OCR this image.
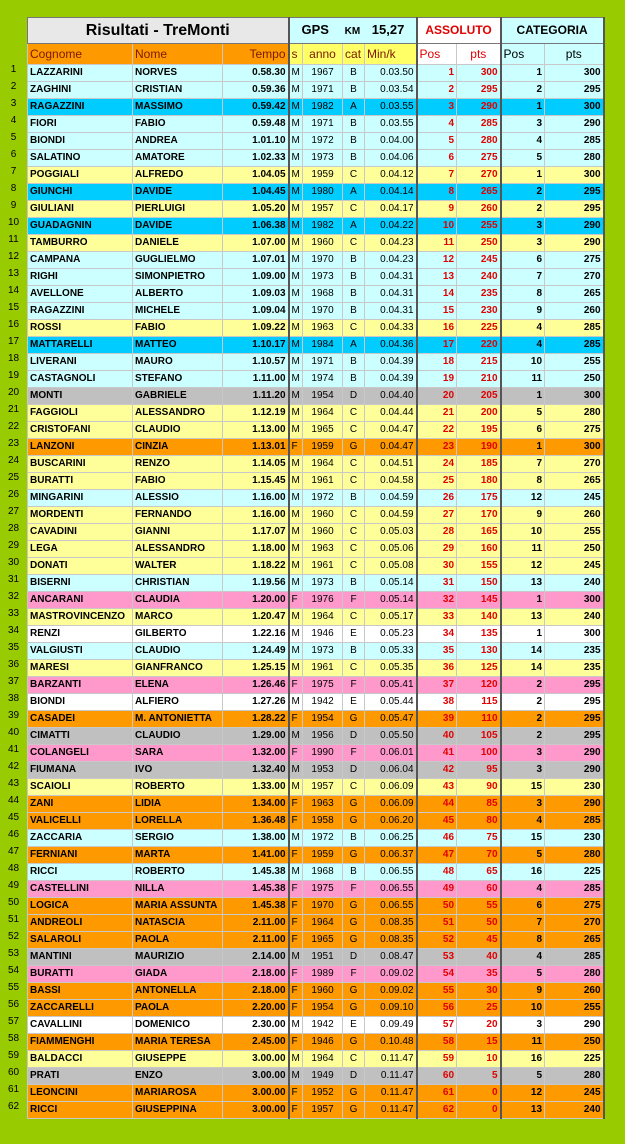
1
2
3
4
5
6
7
8
9
10
11
12
13
14
15
16
17
18
19
20
21
22
23
24
25
26
27
28
29
30
31
32
33
34
35
36
37
38
39
40
41
42
43
44
45
46
47
48
49
50
51
52
53
54
55
56
57
58
59
60
61
62
Risultati - TreMonti			GPS KM 15,27				ASSOLUTO		CATEGORIA	
Cognome	Nome	Tempo	s	anno	cat	Min/k	Pos	pts	Pos	pts
LAZZARINI	NORVES	0.58.30	M	1967	B	0.03.50	1	300	1	300
ZAGHINI	CRISTIAN	0.59.36	M	1971	B	0.03.54	2	295	2	295
RAGAZZINI	MASSIMO	0.59.42	M	1982	A	0.03.55	3	290	1	300
FIORI	FABIO	0.59.48	M	1971	B	0.03.55	4	285	3	290
BIONDI	ANDREA	1.01.10	M	1972	B	0.04.00	5	280	4	285
SALATINO	AMATORE	1.02.33	M	1973	B	0.04.06	6	275	5	280
POGGIALI	ALFREDO	1.04.05	M	1959	C	0.04.12	7	270	1	300
GIUNCHI	DAVIDE	1.04.45	M	1980	A	0.04.14	8	265	2	295
GIULIANI	PIERLUIGI	1.05.20	M	1957	C	0.04.17	9	260	2	295
GUADAGNIN	DAVIDE	1.06.38	M	1982	A	0.04.22	10	255	3	290
TAMBURRO	DANIELE	1.07.00	M	1960	C	0.04.23	11	250	3	290
CAMPANA	GUGLIELMO	1.07.01	M	1970	B	0.04.23	12	245	6	275
RIGHI	SIMONPIETRO	1.09.00	M	1973	B	0.04.31	13	240	7	270
AVELLONE	ALBERTO	1.09.03	M	1968	B	0.04.31	14	235	8	265
RAGAZZINI	MICHELE	1.09.04	M	1970	B	0.04.31	15	230	9	260
ROSSI	FABIO	1.09.22	M	1963	C	0.04.33	16	225	4	285
MATTARELLI	MATTEO	1.10.17	M	1984	A	0.04.36	17	220	4	285
LIVERANI	MAURO	1.10.57	M	1971	B	0.04.39	18	215	10	255
CASTAGNOLI	STEFANO	1.11.00	M	1974	B	0.04.39	19	210	11	250
MONTI	GABRIELE	1.11.20	M	1954	D	0.04.40	20	205	1	300
FAGGIOLI	ALESSANDRO	1.12.19	M	1964	C	0.04.44	21	200	5	280
CRISTOFANI	CLAUDIO	1.13.00	M	1965	C	0.04.47	22	195	6	275
LANZONI	CINZIA	1.13.01	F	1959	G	0.04.47	23	190	1	300
BUSCARINI	RENZO	1.14.05	M	1964	C	0.04.51	24	185	7	270
BURATTI	FABIO	1.15.45	M	1961	C	0.04.58	25	180	8	265
MINGARINI	ALESSIO	1.16.00	M	1972	B	0.04.59	26	175	12	245
MORDENTI	FERNANDO	1.16.00	M	1960	C	0.04.59	27	170	9	260
CAVADINI	GIANNI	1.17.07	M	1960	C	0.05.03	28	165	10	255
LEGA	ALESSANDRO	1.18.00	M	1963	C	0.05.06	29	160	11	250
DONATI	WALTER	1.18.22	M	1961	C	0.05.08	30	155	12	245
BISERNI	CHRISTIAN	1.19.56	M	1973	B	0.05.14	31	150	13	240
ANCARANI	CLAUDIA	1.20.00	F	1976	F	0.05.14	32	145	1	300
MASTROVINCENZO	MARCO	1.20.47	M	1964	C	0.05.17	33	140	13	240
RENZI	GILBERTO	1.22.16	M	1946	E	0.05.23	34	135	1	300
VALGIUSTI	CLAUDIO	1.24.49	M	1973	B	0.05.33	35	130	14	235
MARESI	GIANFRANCO	1.25.15	M	1961	C	0.05.35	36	125	14	235
BARZANTI	ELENA	1.26.46	F	1975	F	0.05.41	37	120	2	295
BIONDI	ALFIERO	1.27.26	M	1942	E	0.05.44	38	115	2	295
CASADEI	M. ANTONIETTA	1.28.22	F	1954	G	0.05.47	39	110	2	295
CIMATTI	CLAUDIO	1.29.00	M	1956	D	0.05.50	40	105	2	295
COLANGELI	SARA	1.32.00	F	1990	F	0.06.01	41	100	3	290
FIUMANA	IVO	1.32.40	M	1953	D	0.06.04	42	95	3	290
SCAIOLI	ROBERTO	1.33.00	M	1957	C	0.06.09	43	90	15	230
ZANI	LIDIA	1.34.00	F	1963	G	0.06.09	44	85	3	290
VALICELLI	LORELLA	1.36.48	F	1958	G	0.06.20	45	80	4	285
ZACCARIA	SERGIO	1.38.00	M	1972	B	0.06.25	46	75	15	230
FERNIANI	MARTA	1.41.00	F	1959	G	0.06.37	47	70	5	280
RICCI	ROBERTO	1.45.38	M	1968	B	0.06.55	48	65	16	225
CASTELLINI	NILLA	1.45.38	F	1975	F	0.06.55	49	60	4	285
LOGICA	MARIA ASSUNTA	1.45.38	F	1970	G	0.06.55	50	55	6	275
ANDREOLI	NATASCIA	2.11.00	F	1964	G	0.08.35	51	50	7	270
SALAROLI	PAOLA	2.11.00	F	1965	G	0.08.35	52	45	8	265
MANTINI	MAURIZIO	2.14.00	M	1951	D	0.08.47	53	40	4	285
BURATTI	GIADA	2.18.00	F	1989	F	0.09.02	54	35	5	280
BASSI	ANTONELLA	2.18.00	F	1960	G	0.09.02	55	30	9	260
ZACCARELLI	PAOLA	2.20.00	F	1954	G	0.09.10	56	25	10	255
CAVALLINI	DOMENICO	2.30.00	M	1942	E	0.09.49	57	20	3	290
FIAMMENGHI	MARIA TERESA	2.45.00	F	1946	G	0.10.48	58	15	11	250
BALDACCI	GIUSEPPE	3.00.00	M	1964	C	0.11.47	59	10	16	225
PRATI	ENZO	3.00.00	M	1949	D	0.11.47	60	5	5	280
LEONCINI	MARIAROSA	3.00.00	F	1952	G	0.11.47	61	0	12	245
RICCI	GIUSEPPINA	3.00.00	F	1957	G	0.11.47	62	0	13	240
